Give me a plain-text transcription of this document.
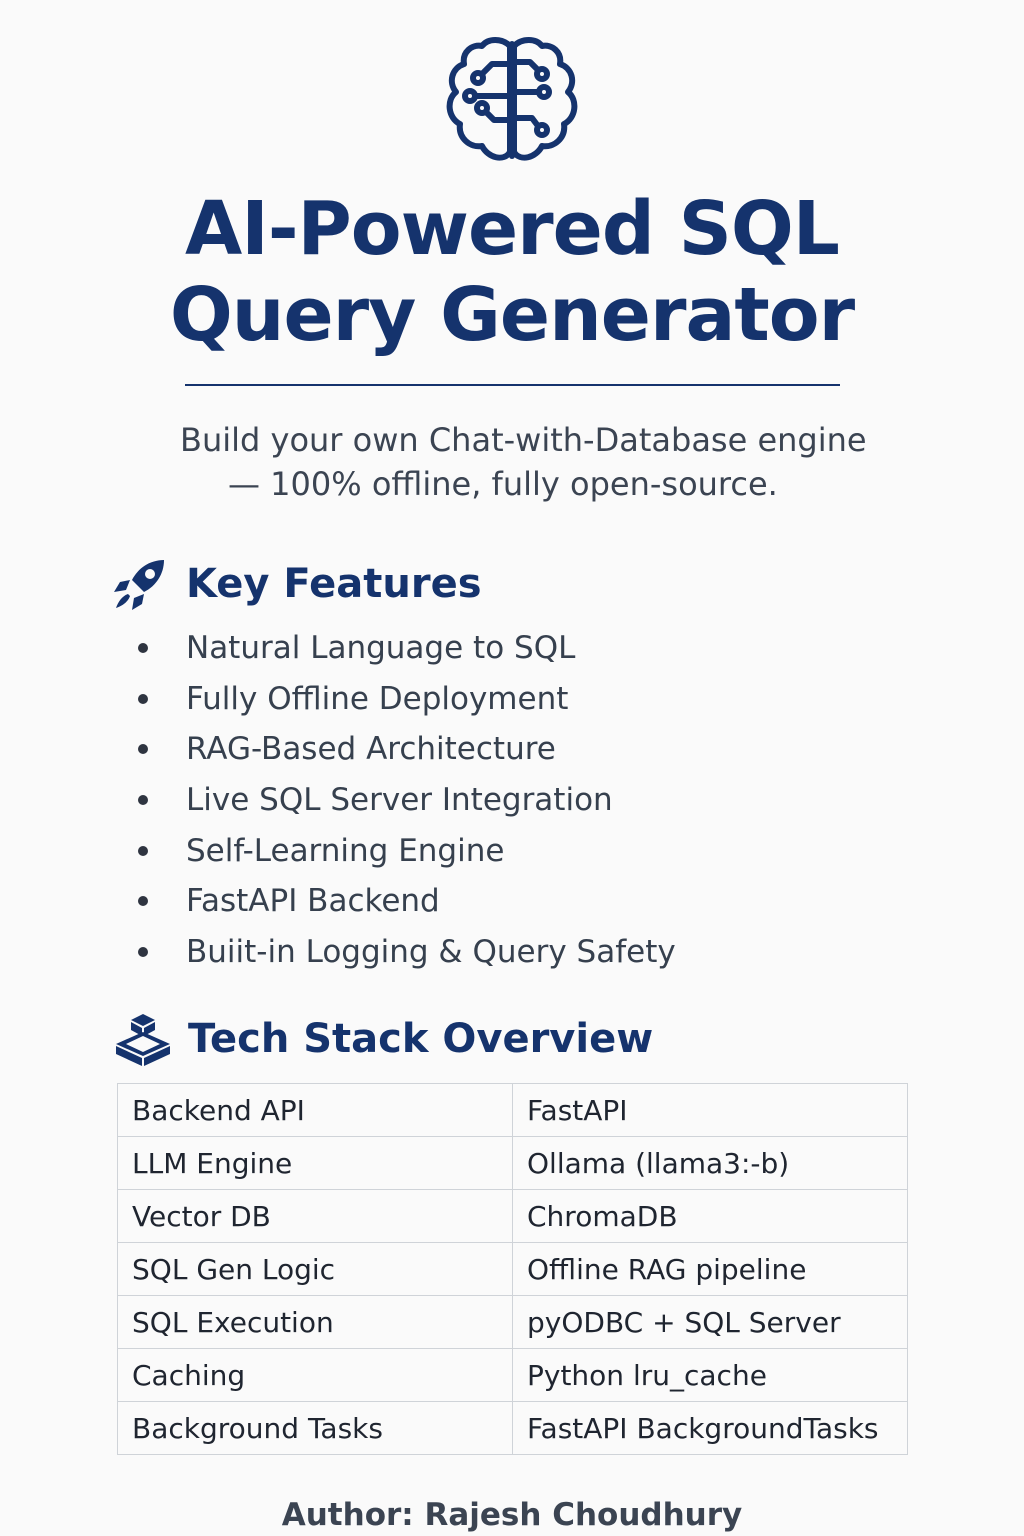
AI-Powered SQL
Query Generator
Build your own Chat-with-Database engine
— 100% offline, fully open-source.
Key Features
Natural Language to SQL
Fully Offline Deployment
RAG-Based Architecture
Live SQL Server Integration
Self-Learning Engine
FastAPI Backend
Buiit-in Logging & Query Safety
Tech Stack Overview
Backend API	FastAPI
LLM Engine	Ollama (llama3:-b)
Vector DB	ChromaDB
SQL Gen Logic	Offline RAG pipeline
SQL Execution	pyODBC + SQL Server
Caching	Python lru_cache
Background Tasks	FastAPI BackgroundTasks
Author: Rajesh Choudhury
